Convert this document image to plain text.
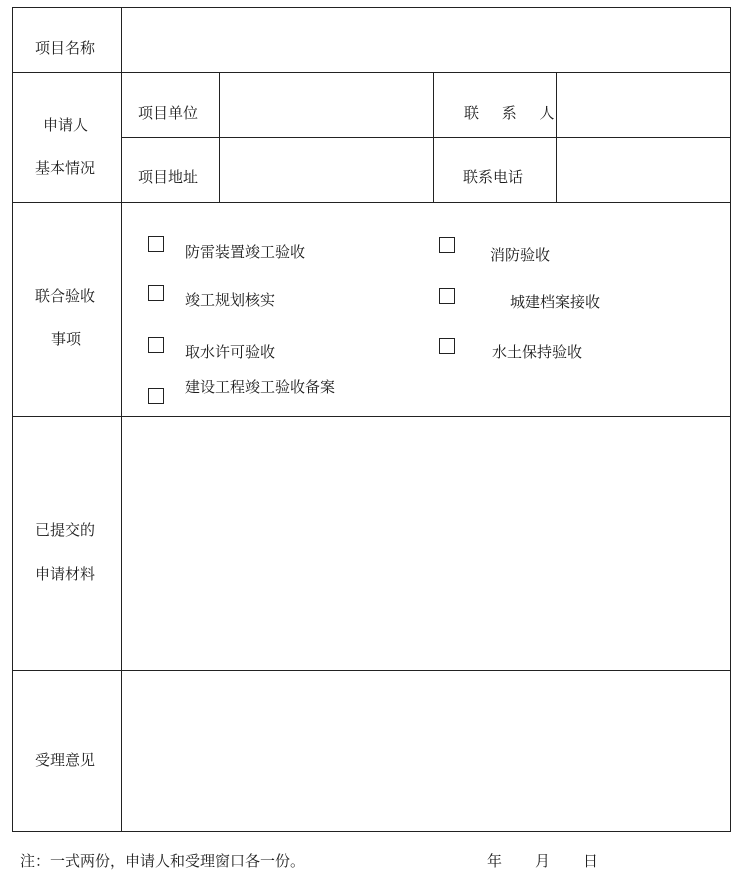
项目名称
申请人
基本情况
项目单位	联 系 人
项目地址	联系电话
联合验收
事项
防雷装置竣工验收	消防验收
竣工规划核实	城建档案接收
取水许可验收	水土保持验收
建设工程竣工验收备案
已提交的
申请材料
受理意见
注：一式两份，申请人和受理窗口各一份。	年 月 日
